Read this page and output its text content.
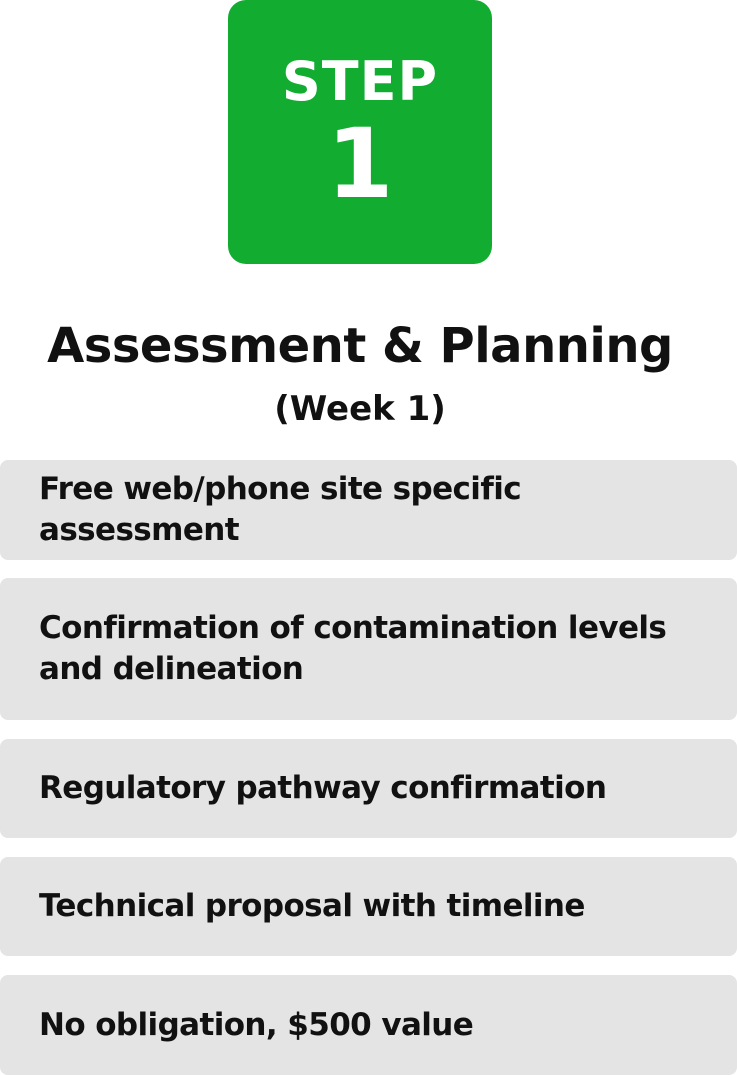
STEP
1
Assessment & Planning
(Week 1)
Free web/phone site specific assessment
Confirmation of contamination levels and delineation
Regulatory pathway confirmation
Technical proposal with timeline
No obligation, $500 value
